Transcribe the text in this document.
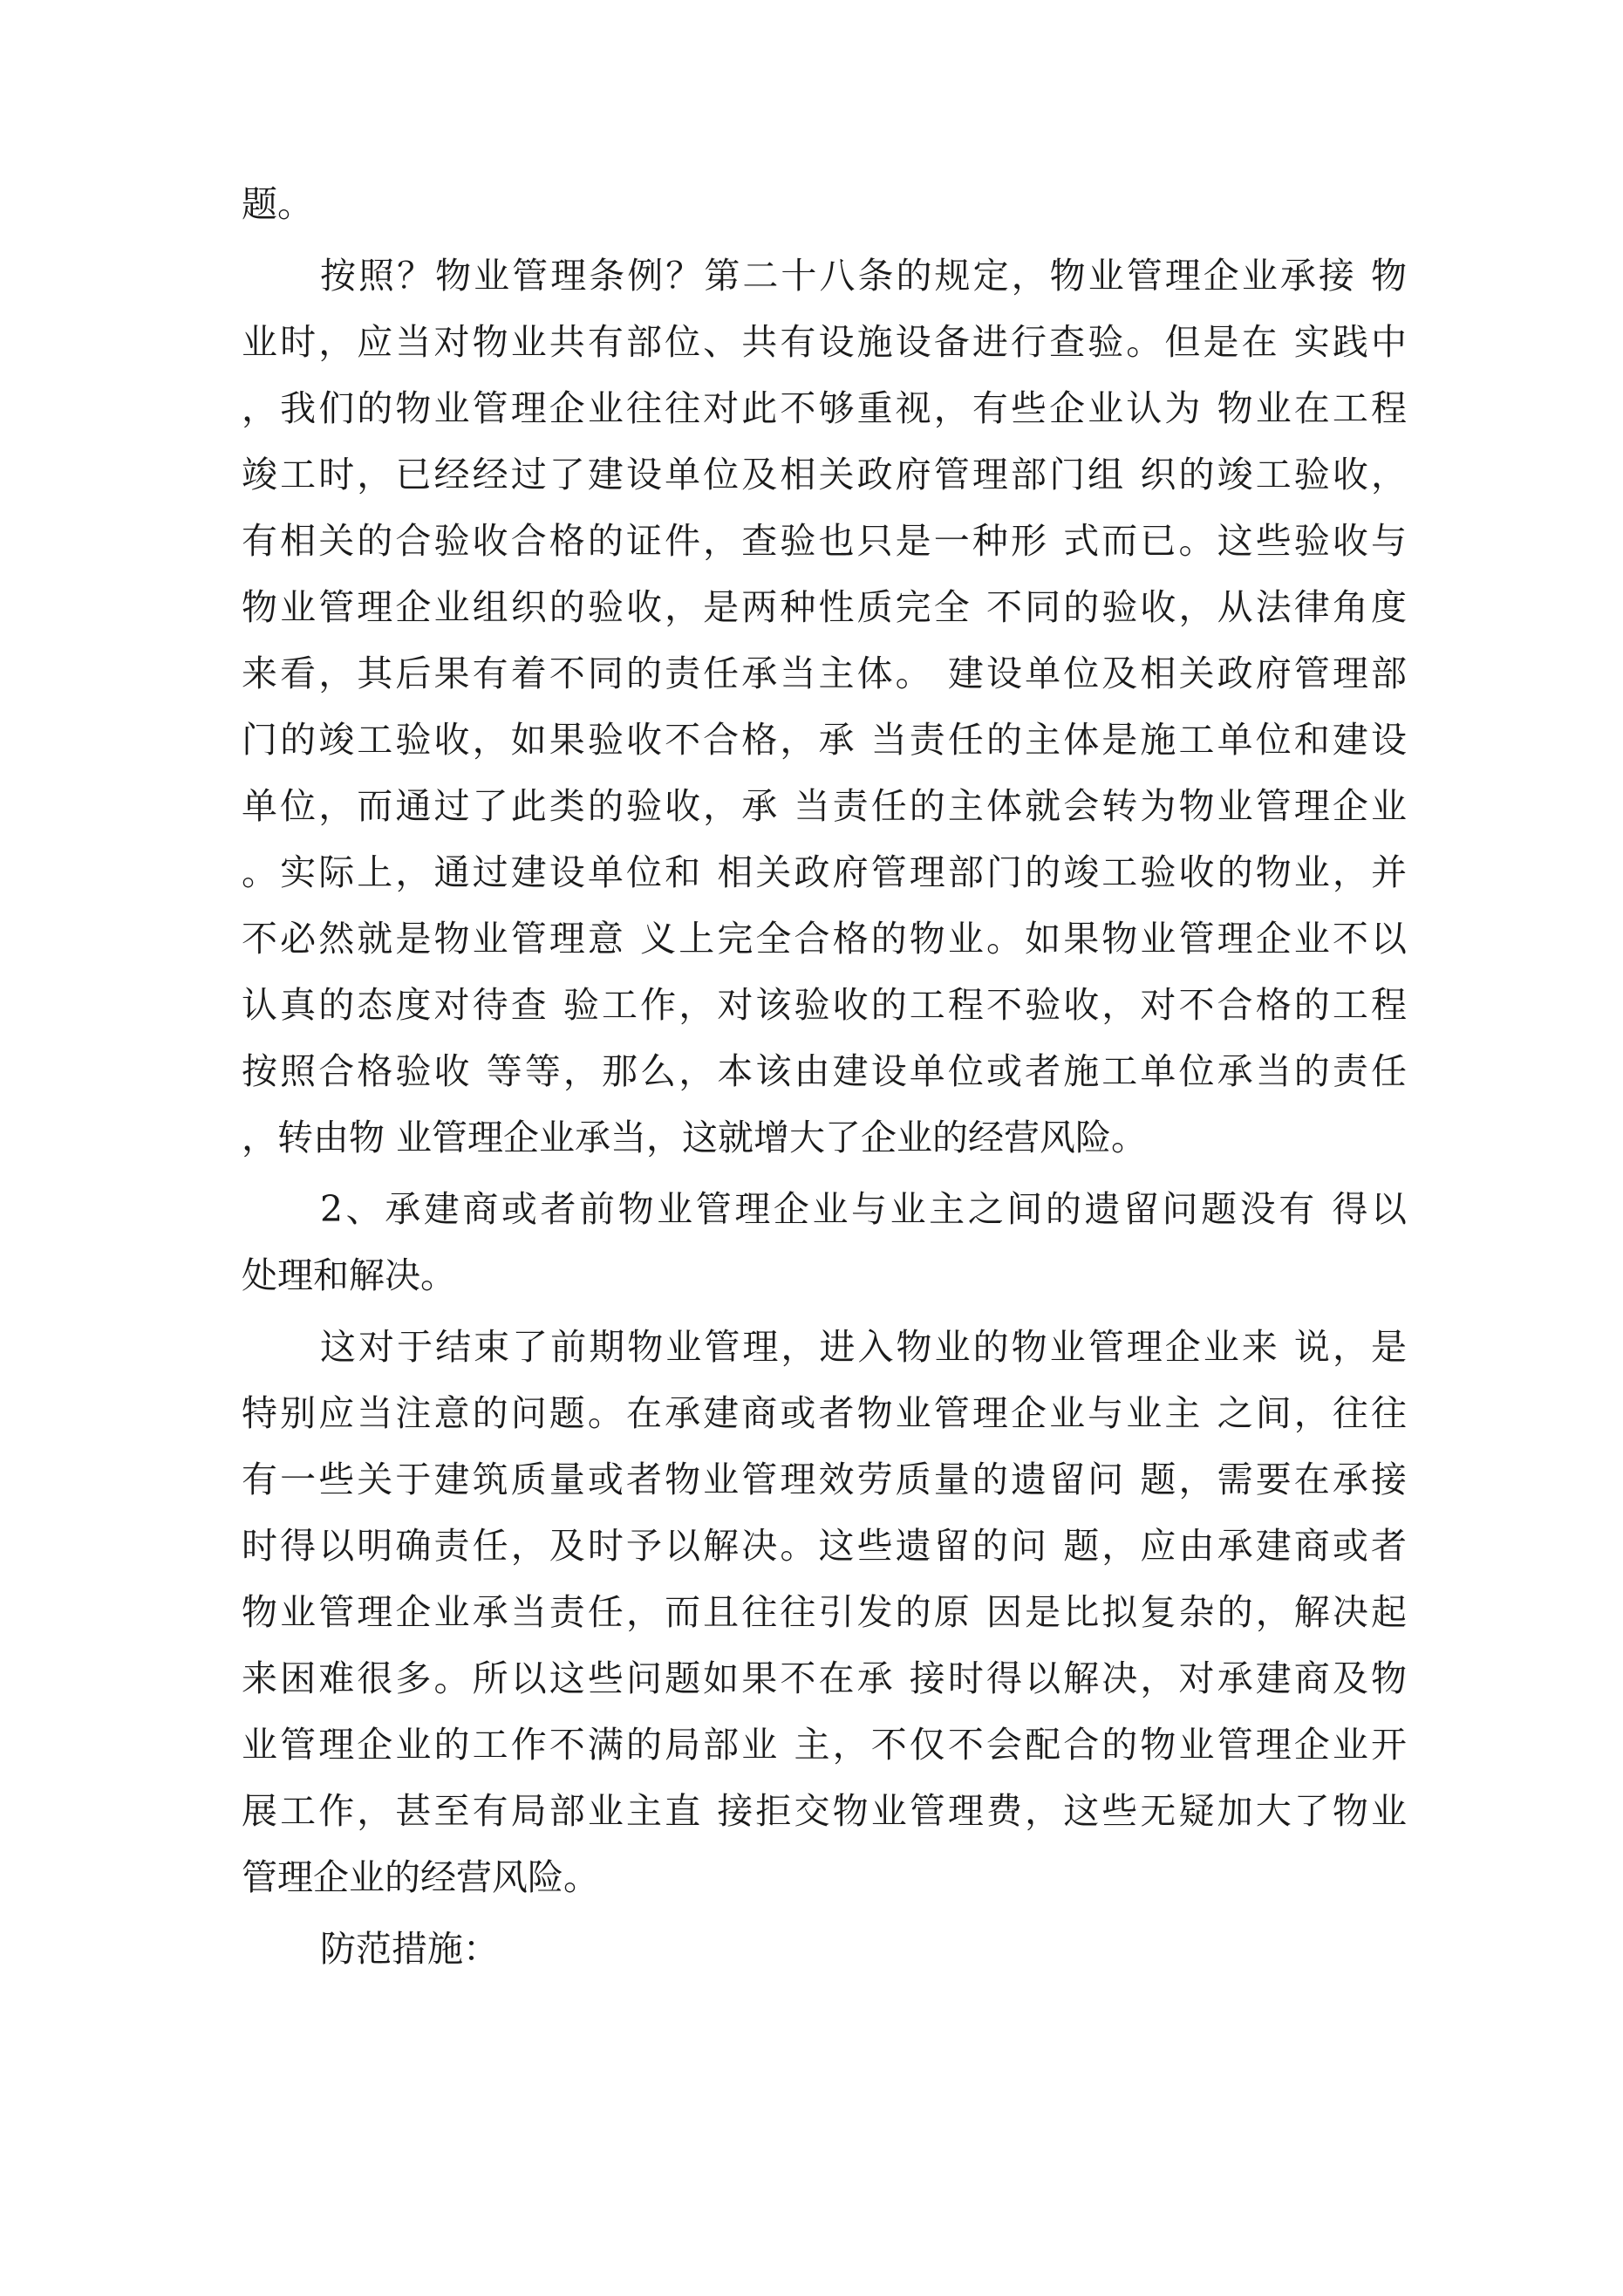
题。
按照？物业管理条例？第二十八条的规定，物业管理企业承接 物
业时，应当对物业共有部位、共有设施设备进行查验。但是在 实践中
，我们的物业管理企业往往对此不够重视，有些企业认为 物业在工程
竣工时，已经经过了建设单位及相关政府管理部门组 织的竣工验收，
有相关的合验收合格的证件，查验也只是一种形 式而已。这些验收与
物业管理企业组织的验收，是两种性质完全 不同的验收，从法律角度
来看，其后果有着不同的责任承当主体。 建设单位及相关政府管理部
门的竣工验收，如果验收不合格，承 当责任的主体是施工单位和建设
单位，而通过了此类的验收，承 当责任的主体就会转为物业管理企业
。实际上，通过建设单位和 相关政府管理部门的竣工验收的物业，并
不必然就是物业管理意 义上完全合格的物业。如果物业管理企业不以
认真的态度对待查 验工作，对该验收的工程不验收，对不合格的工程
按照合格验收 等等，那么，本该由建设单位或者施工单位承当的责任
，转由物 业管理企业承当，这就增大了企业的经营风险。
2、承建商或者前物业管理企业与业主之间的遗留问题没有 得以
处理和解决。
这对于结束了前期物业管理，进入物业的物业管理企业来 说，是
特别应当注意的问题。在承建商或者物业管理企业与业主 之间，往往
有一些关于建筑质量或者物业管理效劳质量的遗留问 题，需要在承接
时得以明确责任，及时予以解决。这些遗留的问 题，应由承建商或者
物业管理企业承当责任，而且往往引发的原 因是比拟复杂的，解决起
来困难很多。所以这些问题如果不在承 接时得以解决，对承建商及物
业管理企业的工作不满的局部业 主，不仅不会配合的物业管理企业开
展工作，甚至有局部业主直 接拒交物业管理费，这些无疑加大了物业
管理企业的经营风险。
防范措施：
